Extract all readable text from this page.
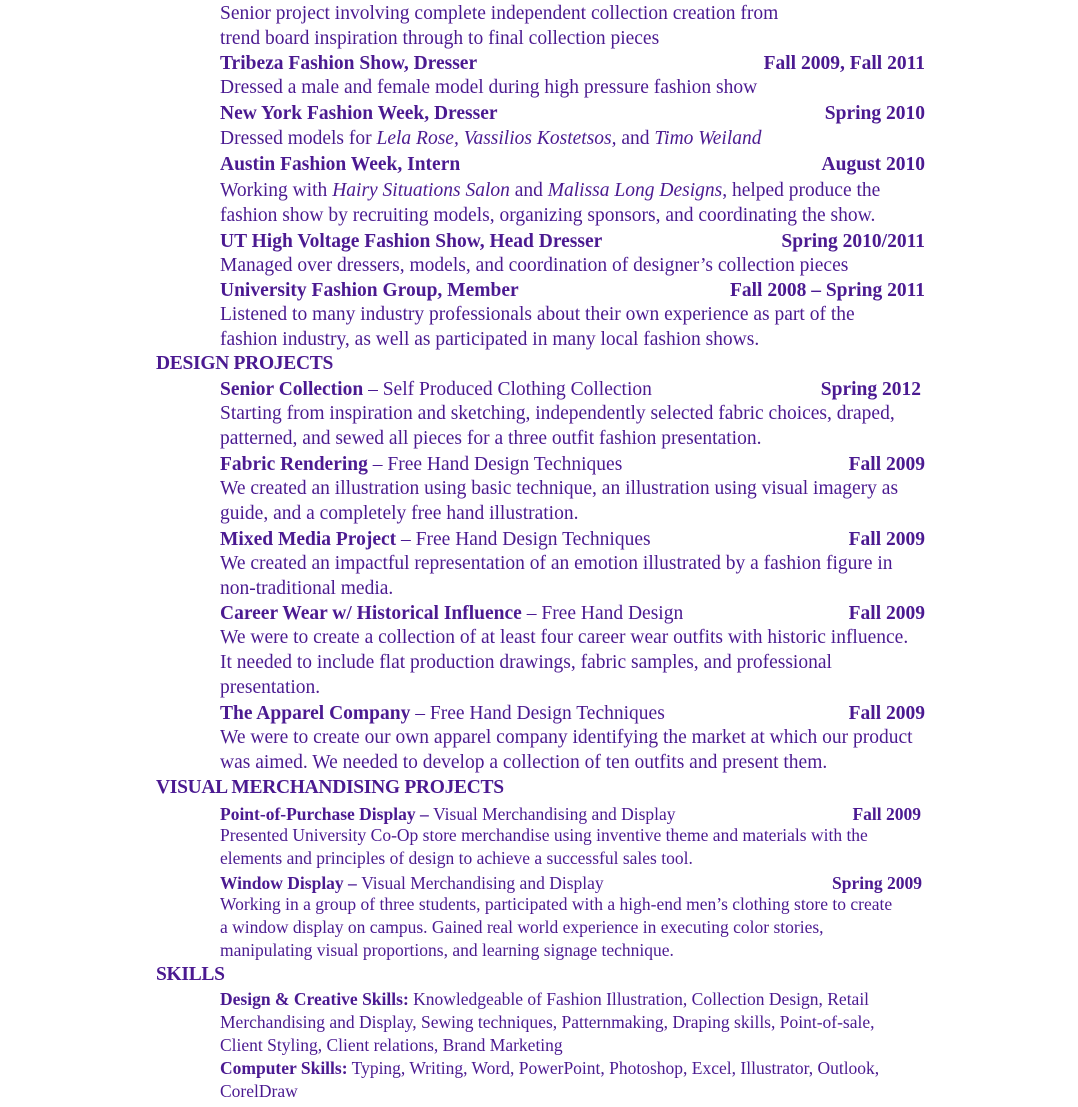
Senior project involving complete independent collection creation from
trend board inspiration through to final collection pieces
Tribeza Fashion Show, Dresser	Fall 2009, Fall 2011
Dressed a male and female model during high pressure fashion show
New York Fashion Week, Dresser	Spring 2010
Dressed models for Lela Rose, Vassilios Kostetsos, and Timo Weiland
Austin Fashion Week, Intern	August 2010
Working with Hairy Situations Salon and Malissa Long Designs, helped produce the
fashion show by recruiting models, organizing sponsors, and coordinating the show.
UT High Voltage Fashion Show, Head Dresser	Spring 2010/2011
Managed over dressers, models, and coordination of designer’s collection pieces
University Fashion Group, Member	Fall 2008 – Spring 2011
Listened to many industry professionals about their own experience as part of the
fashion industry, as well as participated in many local fashion shows.
DESIGN PROJECTS
Senior Collection – Self Produced Clothing Collection	Spring 2012
Starting from inspiration and sketching, independently selected fabric choices, draped,
patterned, and sewed all pieces for a three outfit fashion presentation.
Fabric Rendering – Free Hand Design Techniques	Fall 2009
We created an illustration using basic technique, an illustration using visual imagery as
guide, and a completely free hand illustration.
Mixed Media Project – Free Hand Design Techniques	Fall 2009
We created an impactful representation of an emotion illustrated by a fashion figure in
non-traditional media.
Career Wear w/ Historical Influence – Free Hand Design	Fall 2009
We were to create a collection of at least four career wear outfits with historic influence.
It needed to include flat production drawings, fabric samples, and professional
presentation.
The Apparel Company – Free Hand Design Techniques	Fall 2009
We were to create our own apparel company identifying the market at which our product
was aimed. We needed to develop a collection of ten outfits and present them.
VISUAL MERCHANDISING PROJECTS
Point-of-Purchase Display – Visual Merchandising and Display	Fall 2009
Presented University Co-Op store merchandise using inventive theme and materials with the
elements and principles of design to achieve a successful sales tool.
Window Display – Visual Merchandising and Display	Spring 2009
Working in a group of three students, participated with a high-end men’s clothing store to create
a window display on campus. Gained real world experience in executing color stories,
manipulating visual proportions, and learning signage technique.
SKILLS
Design & Creative Skills: Knowledgeable of Fashion Illustration, Collection Design, Retail
Merchandising and Display, Sewing techniques, Patternmaking, Draping skills, Point-of-sale,
Client Styling, Client relations, Brand Marketing
Computer Skills: Typing, Writing, Word, PowerPoint, Photoshop, Excel, Illustrator, Outlook,
CorelDraw
